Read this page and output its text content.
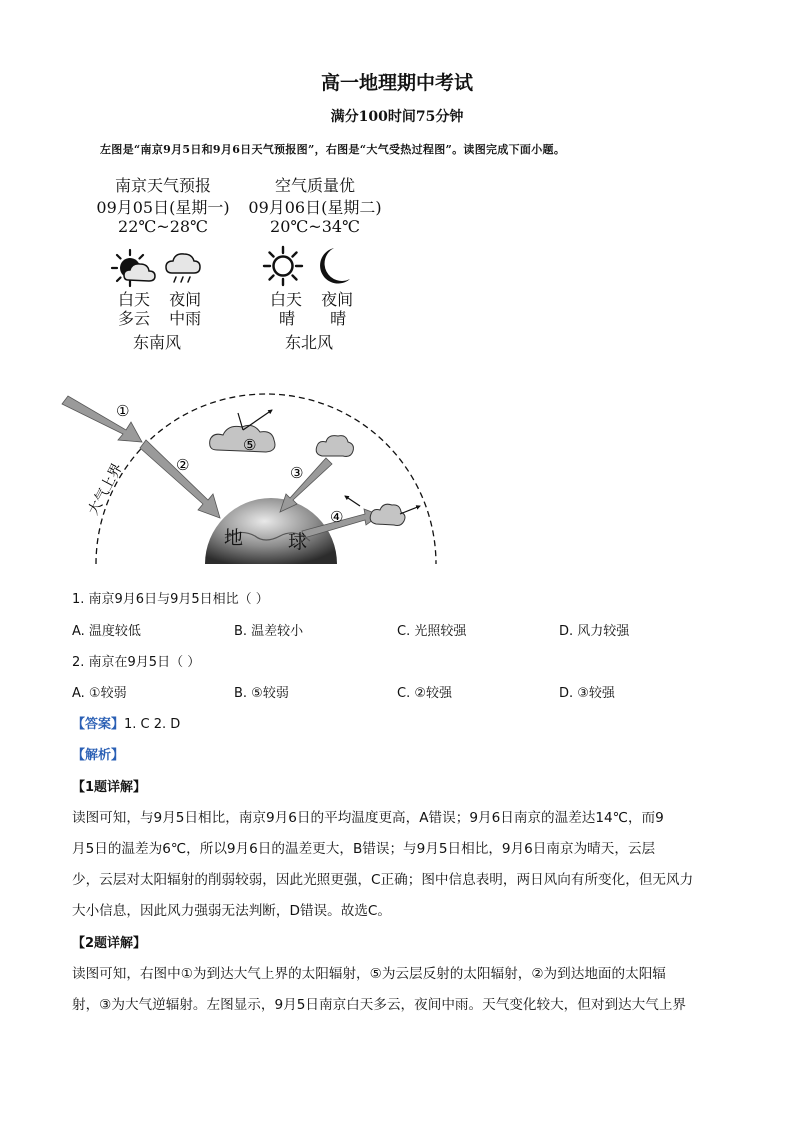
高一地理期中考试
满分100时间75分钟
左图是“南京9月5日和9月6日天气预报图”，右图是“大气受热过程图”。读图完成下面小题。
南京天气预报
09月05日(星期一)
22℃~28℃
空气质量优
09月06日(星期二)
20℃~34℃
白天 夜间
多云 中雨
东南风
白天 夜间
晴 晴
东北风
①
②	③
④
⑤
大气上界
地 球
1. 南京9月6日与9月5日相比（ ）
A. 温度较低	B. 温差较小	C. 光照较强	D. 风力较强
2. 南京在9月5日（ ）
A. ①较弱	B. ⑤较弱	C. ②较强	D. ③较强
【答案】1. C 2. D
【解析】
【1题详解】
读图可知，与9月5日相比，南京9月6日的平均温度更高，A错误；9月6日南京的温差达14℃，而9
月5日的温差为6℃，所以9月6日的温差更大，B错误；与9月5日相比，9月6日南京为晴天，云层
少，云层对太阳辐射的削弱较弱，因此光照更强，C正确；图中信息表明，两日风向有所变化，但无风力
大小信息，因此风力强弱无法判断，D错误。故选C。
【2题详解】
读图可知，右图中①为到达大气上界的太阳辐射，⑤为云层反射的太阳辐射，②为到达地面的太阳辐
射，③为大气逆辐射。左图显示，9月5日南京白天多云，夜间中雨。天气变化较大，但对到达大气上界
